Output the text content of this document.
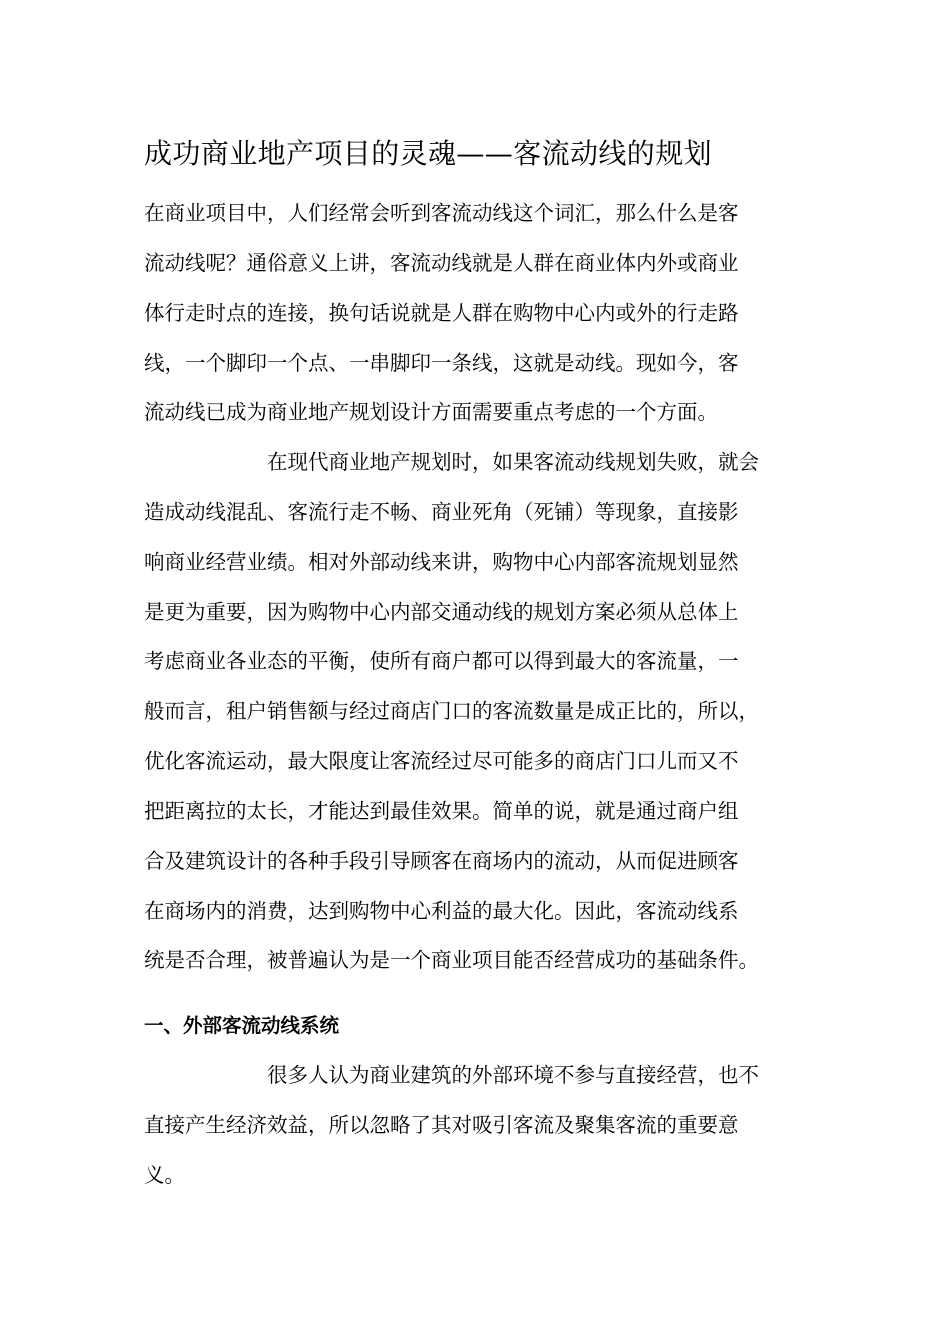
成功商业地产项目的灵魂——客流动线的规划

在商业项目中，人们经常会听到客流动线这个词汇，那么什么是客

流动线呢？通俗意义上讲，客流动线就是人群在商业体内外或商业

体行走时点的连接，换句话说就是人群在购物中心内或外的行走路

线，一个脚印一个点、一串脚印一条线，这就是动线。现如今，客

流动线已成为商业地产规划设计方面需要重点考虑的一个方面。

在现代商业地产规划时，如果客流动线规划失败，就会

造成动线混乱、客流行走不畅、商业死角（死铺）等现象，直接影

响商业经营业绩。相对外部动线来讲，购物中心内部客流规划显然

是更为重要，因为购物中心内部交通动线的规划方案必须从总体上

考虑商业各业态的平衡，使所有商户都可以得到最大的客流量，一

般而言，租户销售额与经过商店门口的客流数量是成正比的，所以，

优化客流运动，最大限度让客流经过尽可能多的商店门口儿而又不

把距离拉的太长，才能达到最佳效果。简单的说，就是通过商户组

合及建筑设计的各种手段引导顾客在商场内的流动，从而促进顾客

在商场内的消费，达到购物中心利益的最大化。因此，客流动线系

统是否合理，被普遍认为是一个商业项目能否经营成功的基础条件。

一、外部客流动线系统

很多人认为商业建筑的外部环境不参与直接经营，也不

直接产生经济效益，所以忽略了其对吸引客流及聚集客流的重要意

义。
